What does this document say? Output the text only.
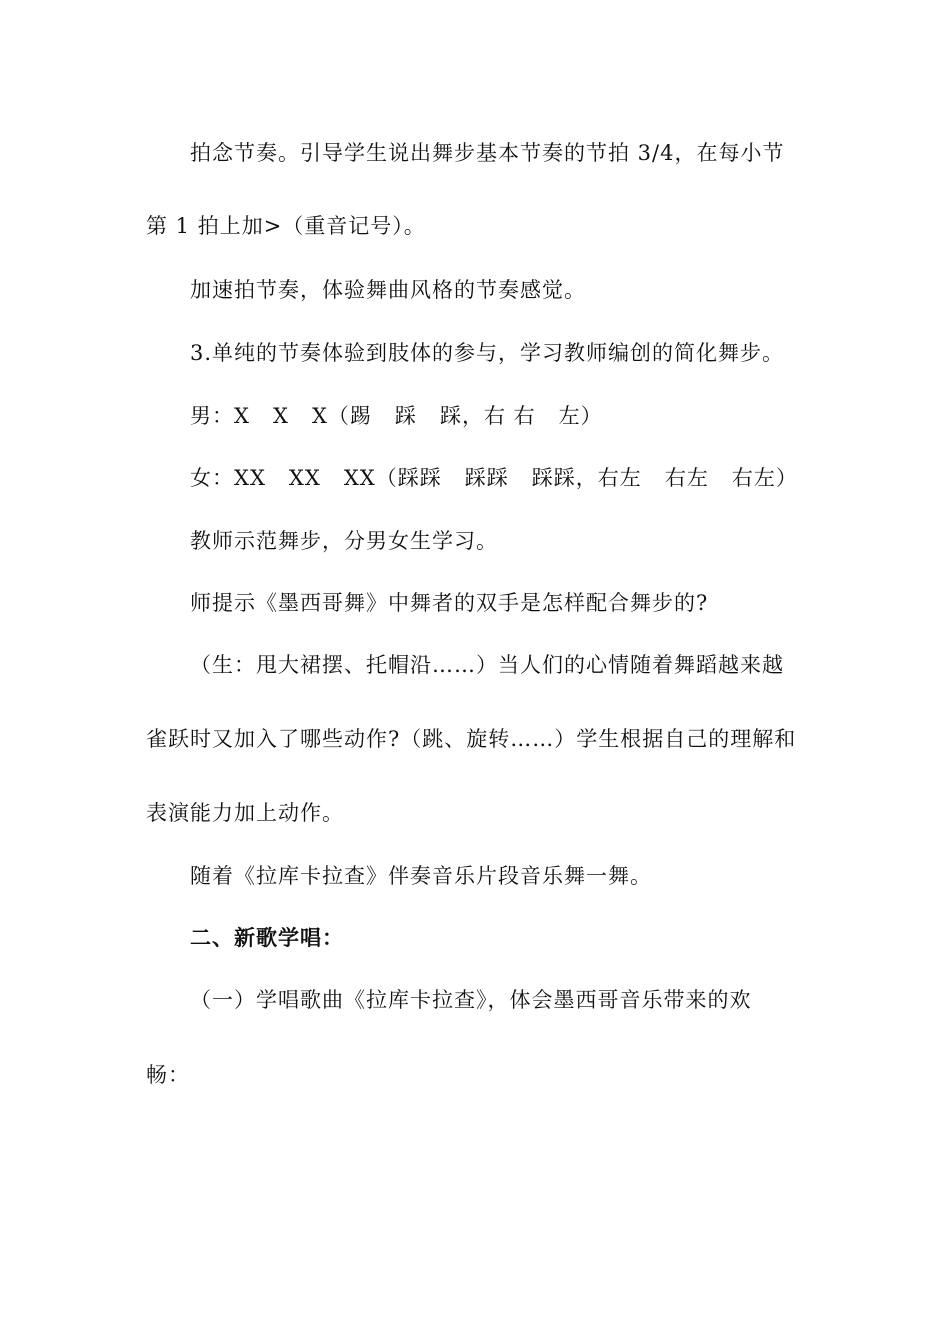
拍念节奏。引导学生说出舞步基本节奏的节拍 3/4，在每小节
第 1 拍上加>（重音记号）。
加速拍节奏，体验舞曲风格的节奏感觉。
3.单纯的节奏体验到肢体的参与，学习教师编创的简化舞步。
男：X   X   X（踢   踩   踩，右 右   左）
女：XX   XX   XX（踩踩   踩踩   踩踩，右左   右左   右左）
教师示范舞步，分男女生学习。
师提示《墨西哥舞》中舞者的双手是怎样配合舞步的?
（生：甩大裙摆、托帽沿……）当人们的心情随着舞蹈越来越
雀跃时又加入了哪些动作?（跳、旋转……）学生根据自己的理解和
表演能力加上动作。
随着《拉库卡拉查》伴奏音乐片段音乐舞一舞。
二、新歌学唱：
（一）学唱歌曲《拉库卡拉查》，体会墨西哥音乐带来的欢
畅：
